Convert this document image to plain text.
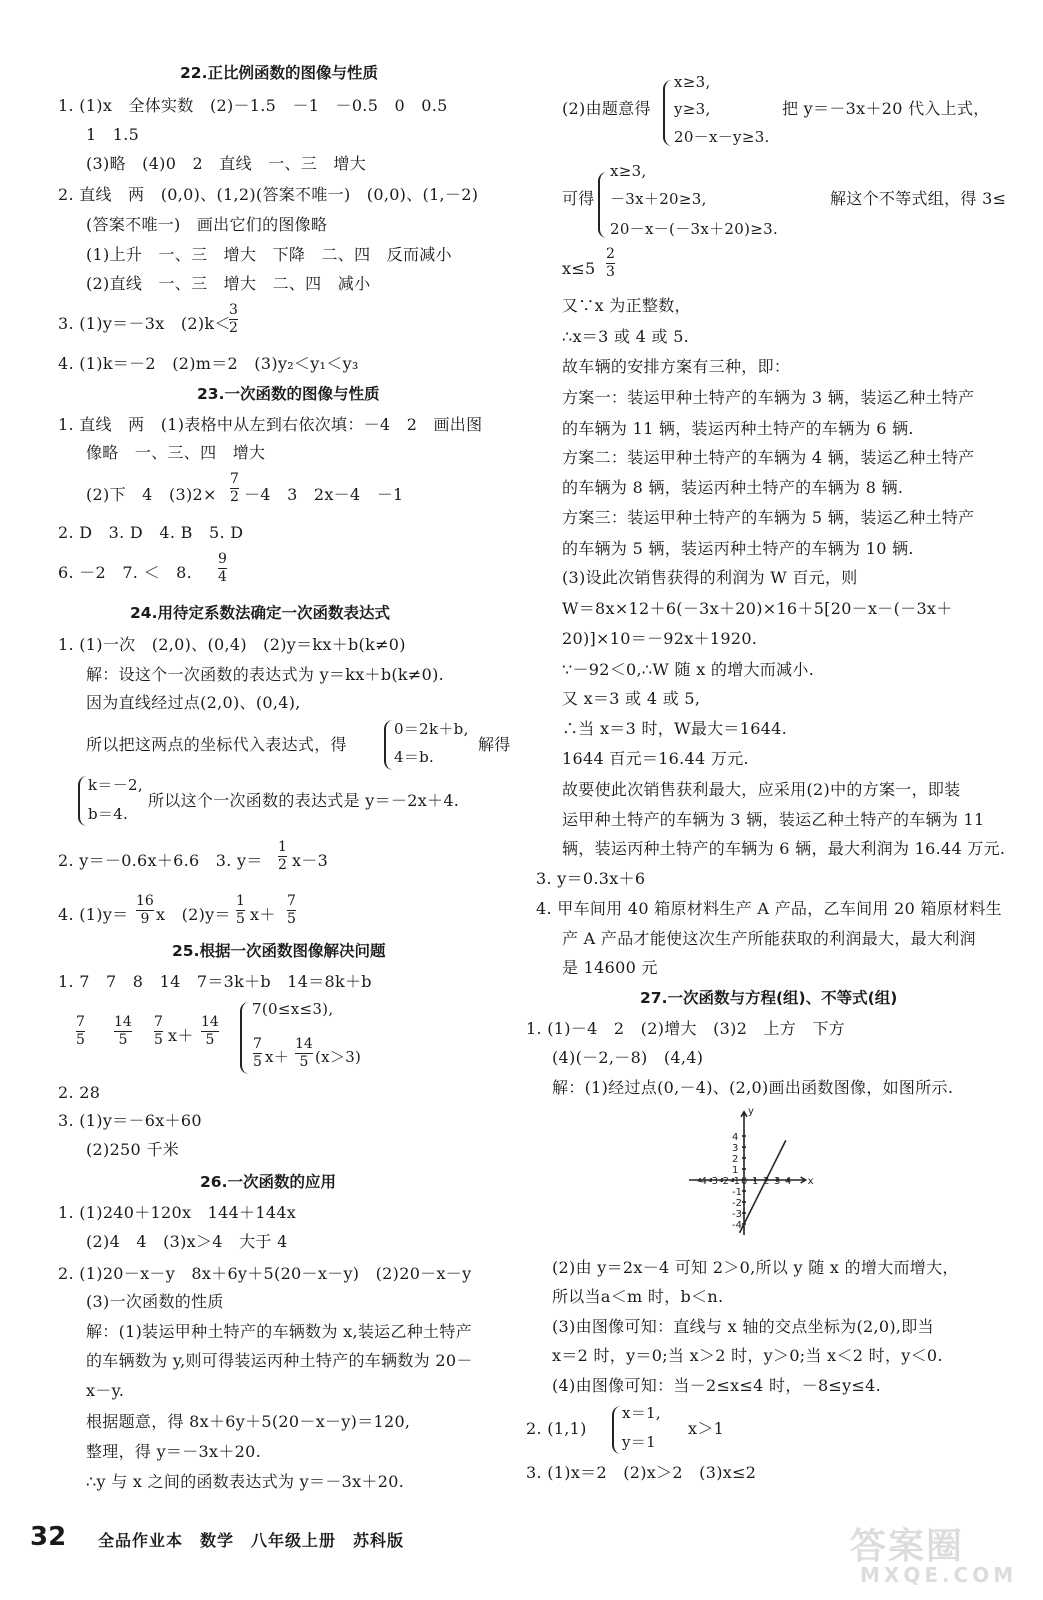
22.正比例函数的图像与性质
1. (1)x　全体实数　(2)－1.5　－1　－0.5　0　0.5
1　1.5
(3)略　(4)0　2　直线　一、三　增大
2. 直线　两　(0,0)、(1,2)(答案不唯一)　(0,0)、(1,－2)
(答案不唯一)　画出它们的图像略
(1)上升　一、三　增大　下降　二、四　反而减小
(2)直线　一、三　增大　二、四　减小
3. (1)y＝－3x　(2)k＜
3
2
4. (1)k＝－2　(2)m＝2　(3)y₂＜y₁＜y₃
23.一次函数的图像与性质
1. 直线　两　(1)表格中从左到右依次填：－4　2　画出图
像略　一、三、四　增大
(2)下　4　(3)2×
7
2 －4　3　2x－4　－1
2. D　3. D　4. B　5. D
6. －2　7. ＜　8.
9
4
24.用待定系数法确定一次函数表达式
1. (1)一次　(2,0)、(0,4)　(2)y＝kx＋b(k≠0)
解：设这个一次函数的表达式为 y＝kx＋b(k≠0).
因为直线经过点(2,0)、(0,4),
所以把这两点的坐标代入表达式，得
0＝2k＋b,
4＝b.
解得
k＝－2,
b＝4.
所以这个一次函数的表达式是 y＝－2x＋4.
2. y＝－0.6x＋6.6　3. y＝
1
2 x－3
4. (1)y＝
16
9 x　(2)y＝
1
5 x＋
7
5
25.根据一次函数图像解决问题
1. 7　7　8　14　7＝3k＋b　14＝8k＋b
7
5
14
5
7
5 x＋
14
5
7(0≤x≤3),
7
5 x＋
14
5 (x＞3)
2. 28
3. (1)y＝－6x＋60
(2)250 千米
26.一次函数的应用
1. (1)240＋120x　144＋144x
(2)4　4　(3)x＞4　大于 4
2. (1)20－x－y　8x＋6y＋5(20－x－y)　(2)20－x－y
(3)一次函数的性质
解：(1)装运甲种土特产的车辆数为 x,装运乙种土特产
的车辆数为 y,则可得装运丙种土特产的车辆数为 20－
x－y.
根据题意，得 8x＋6y＋5(20－x－y)＝120,
整理，得 y＝－3x＋20.
∴y 与 x 之间的函数表达式为 y＝－3x＋20.
x≥3,
y≥3,
20－x－y≥3.
(2)由题意得	把 y＝－3x＋20 代入上式，
x≥3,
－3x＋20≥3,
20－x－(－3x＋20)≥3.
可得	解这个不等式组，得 3≤
x≤5
2
3
又∵x 为正整数，
∴x＝3 或 4 或 5.
故车辆的安排方案有三种，即：
方案一：装运甲种土特产的车辆为 3 辆，装运乙种土特产
的车辆为 11 辆，装运丙种土特产的车辆为 6 辆.
方案二：装运甲种土特产的车辆为 4 辆，装运乙种土特产
的车辆为 8 辆，装运丙种土特产的车辆为 8 辆.
方案三：装运甲种土特产的车辆为 5 辆，装运乙种土特产
的车辆为 5 辆，装运丙种土特产的车辆为 10 辆.
(3)设此次销售获得的利润为 W 百元，则
W＝8x×12＋6(－3x＋20)×16＋5[20－x－(－3x＋
20)]×10＝－92x＋1920.
∵－92＜0,∴W 随 x 的增大而减小.
又 x＝3 或 4 或 5,
∴当 x＝3 时，W最大＝1644.
1644 百元＝16.44 万元.
故要使此次销售获利最大，应采用(2)中的方案一，即装
运甲种土特产的车辆为 3 辆，装运乙种土特产的车辆为 11
辆，装运丙种土特产的车辆为 6 辆，最大利润为 16.44 万元.
3. y＝0.3x＋6
4. 甲车间用 40 箱原材料生产 A 产品，乙车间用 20 箱原材料生
产 A 产品才能使这次生产所能获取的利润最大，最大利润
是 14600 元
27.一次函数与方程(组)、不等式(组)
1. (1)－4　2　(2)增大　(3)2　上方　下方
(4)(－2,－8)　(4,4)
解：(1)经过点(0,－4)、(2,0)画出函数图像，如图所示.
-4 -3 -2 -1 0 1 2 3 4
4
3
2
1
-1
-2
-3
-4
x
y
(2)由 y＝2x－4 可知 2＞0,所以 y 随 x 的增大而增大，
所以当a＜m 时，b＜n.
(3)由图像可知：直线与 x 轴的交点坐标为(2,0),即当
x＝2 时，y＝0;当 x＞2 时，y＞0;当 x＜2 时，y＜0.
(4)由图像可知：当－2≤x≤4 时，－8≤y≤4.
2. (1,1)
x＝1,
y＝1
x＞1
3. (1)x＝2　(2)x＞2　(3)x≤2
32 全品作业本　数学　八年级上册　苏科版	答案圈
MXQE.COM
